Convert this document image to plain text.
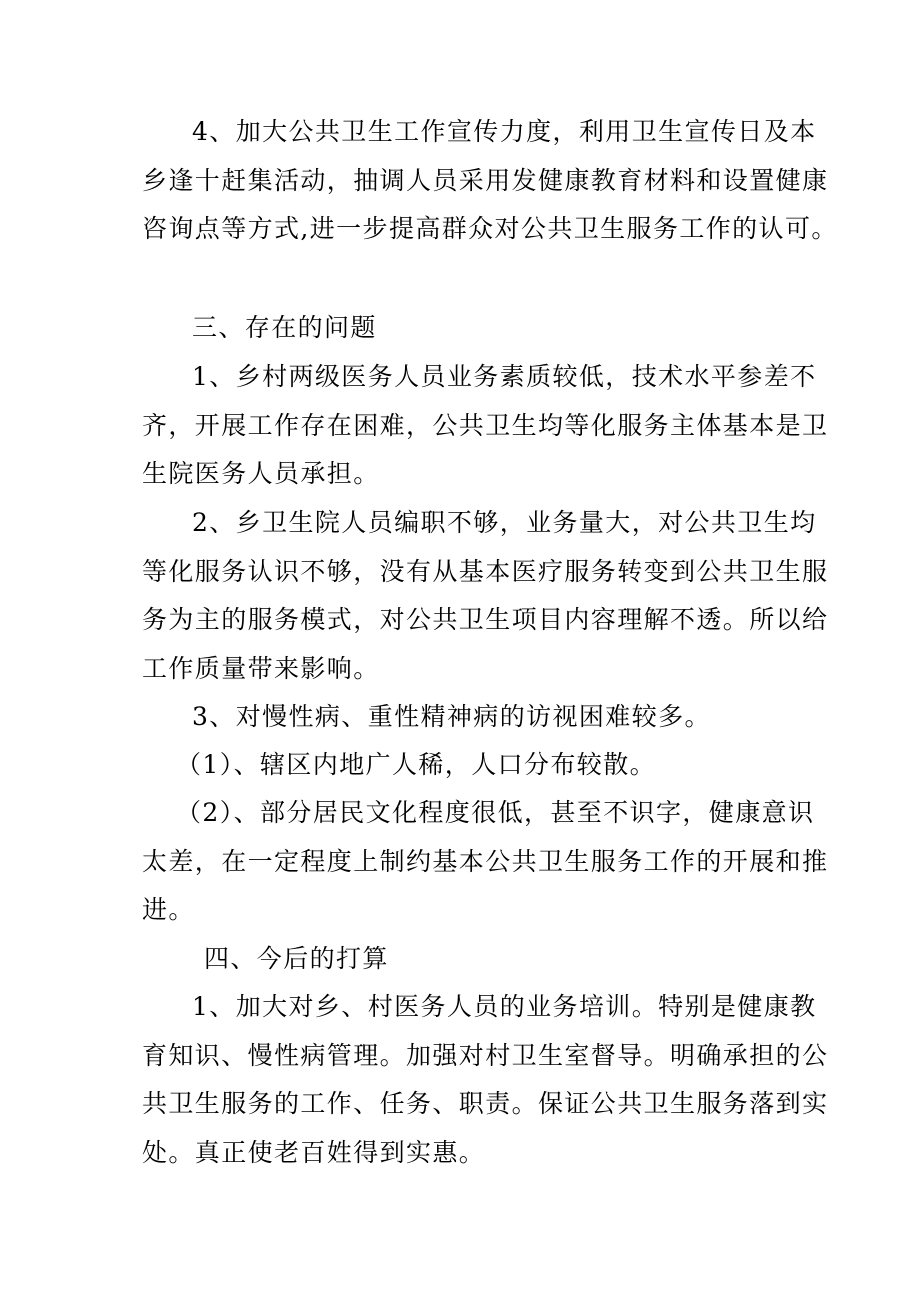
4、加大公共卫生工作宣传力度，利用卫生宣传日及本
乡逢十赶集活动，抽调人员采用发健康教育材料和设置健康
咨询点等方式,进一步提高群众对公共卫生服务工作的认可。
三、存在的问题
1、乡村两级医务人员业务素质较低，技术水平参差不
齐，开展工作存在困难，公共卫生均等化服务主体基本是卫
生院医务人员承担。
2、乡卫生院人员编职不够，业务量大，对公共卫生均
等化服务认识不够，没有从基本医疗服务转变到公共卫生服
务为主的服务模式，对公共卫生项目内容理解不透。所以给
工作质量带来影响。
3、对慢性病、重性精神病的访视困难较多。
（1）、辖区内地广人稀，人口分布较散。
（2）、部分居民文化程度很低，甚至不识字，健康意识
太差，在一定程度上制约基本公共卫生服务工作的开展和推
进。
四、今后的打算
1、加大对乡、村医务人员的业务培训。特别是健康教
育知识、慢性病管理。加强对村卫生室督导。明确承担的公
共卫生服务的工作、任务、职责。保证公共卫生服务落到实
处。真正使老百姓得到实惠。
